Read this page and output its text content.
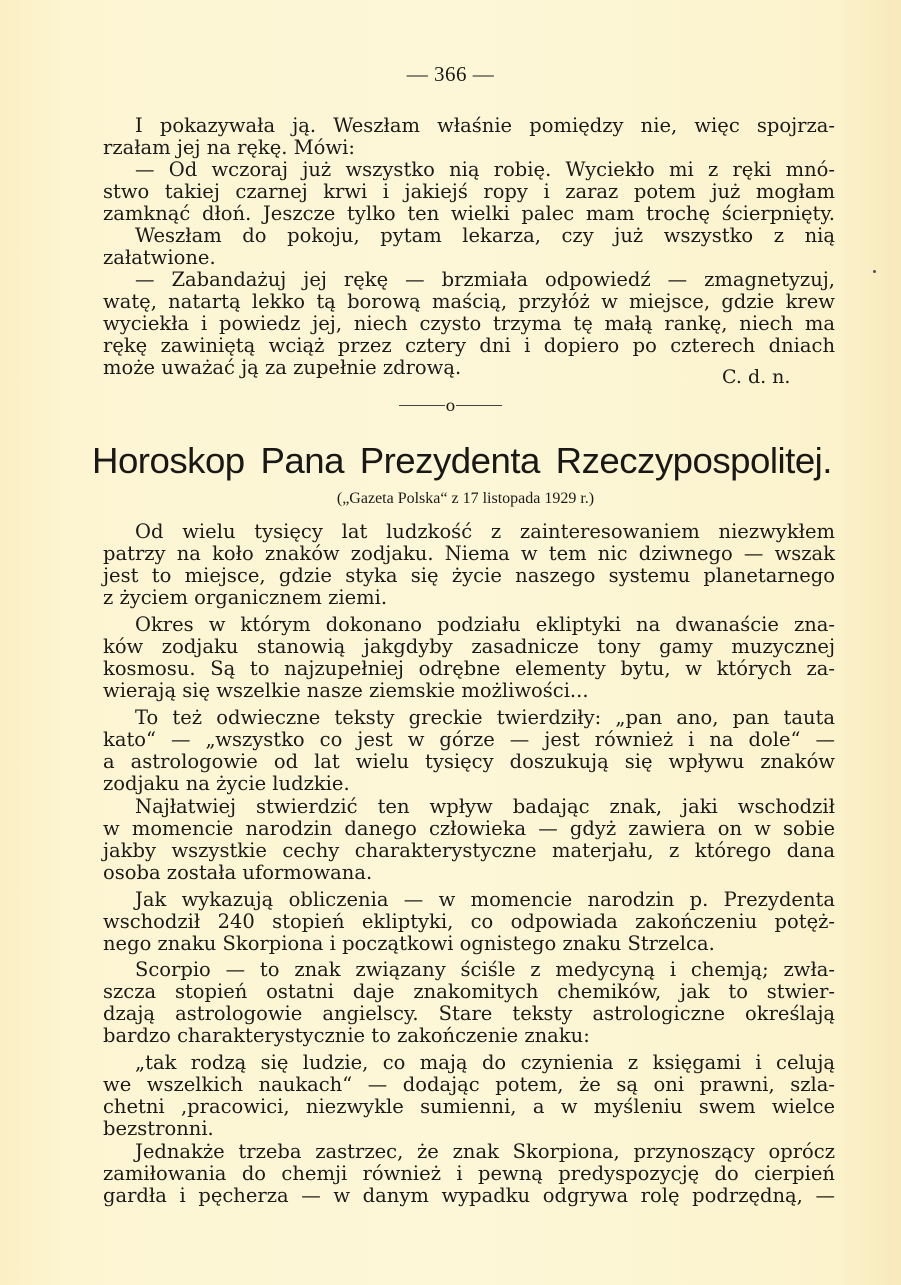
— 366 —
I pokazywała ją. Weszłam właśnie pomiędzy nie, więc spojrza-
rzałam jej na rękę. Mówi:
— Od wczoraj już wszystko nią robię. Wyciekło mi z ręki mnó-
stwo takiej czarnej krwi i jakiejś ropy i zaraz potem już mogłam
zamknąć dłoń. Jeszcze tylko ten wielki palec mam trochę ścierpnięty.
Weszłam do pokoju, pytam lekarza, czy już wszystko z nią
załatwione.
— Zabandażuj jej rękę — brzmiała odpowiedź — zmagnetyzuj,
watę, natartą lekko tą borową maścią, przyłóż w miejsce, gdzie krew
wyciekła i powiedz jej, niech czysto trzyma tę małą rankę, niech ma
rękę zawiniętą wciąż przez cztery dni i dopiero po czterech dniach
może uważać ją za zupełnie zdrową.	C. d. n.
o
Horoskop Pana Prezydenta Rzeczypospolitej.
(„Gazeta Polska“ z 17 listopada 1929 r.)
Od wielu tysięcy lat ludzkość z zainteresowaniem niezwykłem
patrzy na koło znaków zodjaku. Niema w tem nic dziwnego — wszak
jest to miejsce, gdzie styka się życie naszego systemu planetarnego
z życiem organicznem ziemi.
Okres w którym dokonano podziału ekliptyki na dwanaście zna-
ków zodjaku stanowią jakgdyby zasadnicze tony gamy muzycznej
kosmosu. Są to najzupełniej odrębne elementy bytu, w których za-
wierają się wszelkie nasze ziemskie możliwości...
To też odwieczne teksty greckie twierdziły: „pan ano, pan tauta
kato“ — „wszystko co jest w górze — jest również i na dole“ —
a astrologowie od lat wielu tysięcy doszukują się wpływu znaków
zodjaku na życie ludzkie.
Najłatwiej stwierdzić ten wpływ badając znak, jaki wschodził
w momencie narodzin danego człowieka — gdyż zawiera on w sobie
jakby wszystkie cechy charakterystyczne materjału, z którego dana
osoba została uformowana.
Jak wykazują obliczenia — w momencie narodzin p. Prezydenta
wschodził 240 stopień ekliptyki, co odpowiada zakończeniu potęż-
nego znaku Skorpiona i początkowi ognistego znaku Strzelca.
Scorpio — to znak związany ściśle z medycyną i chemją; zwła-
szcza stopień ostatni daje znakomitych chemików, jak to stwier-
dzają astrologowie angielscy. Stare teksty astrologiczne określają
bardzo charakterystycznie to zakończenie znaku:
„tak rodzą się ludzie, co mają do czynienia z księgami i celują
we wszelkich naukach“ — dodając potem, że są oni prawni, szla-
chetni ,pracowici, niezwykle sumienni, a w myśleniu swem wielce
bezstronni.
Jednakże trzeba zastrzec, że znak Skorpiona, przynoszący oprócz
zamiłowania do chemji również i pewną predyspozycję do cierpień
gardła i pęcherza — w danym wypadku odgrywa rolę podrzędną, —
